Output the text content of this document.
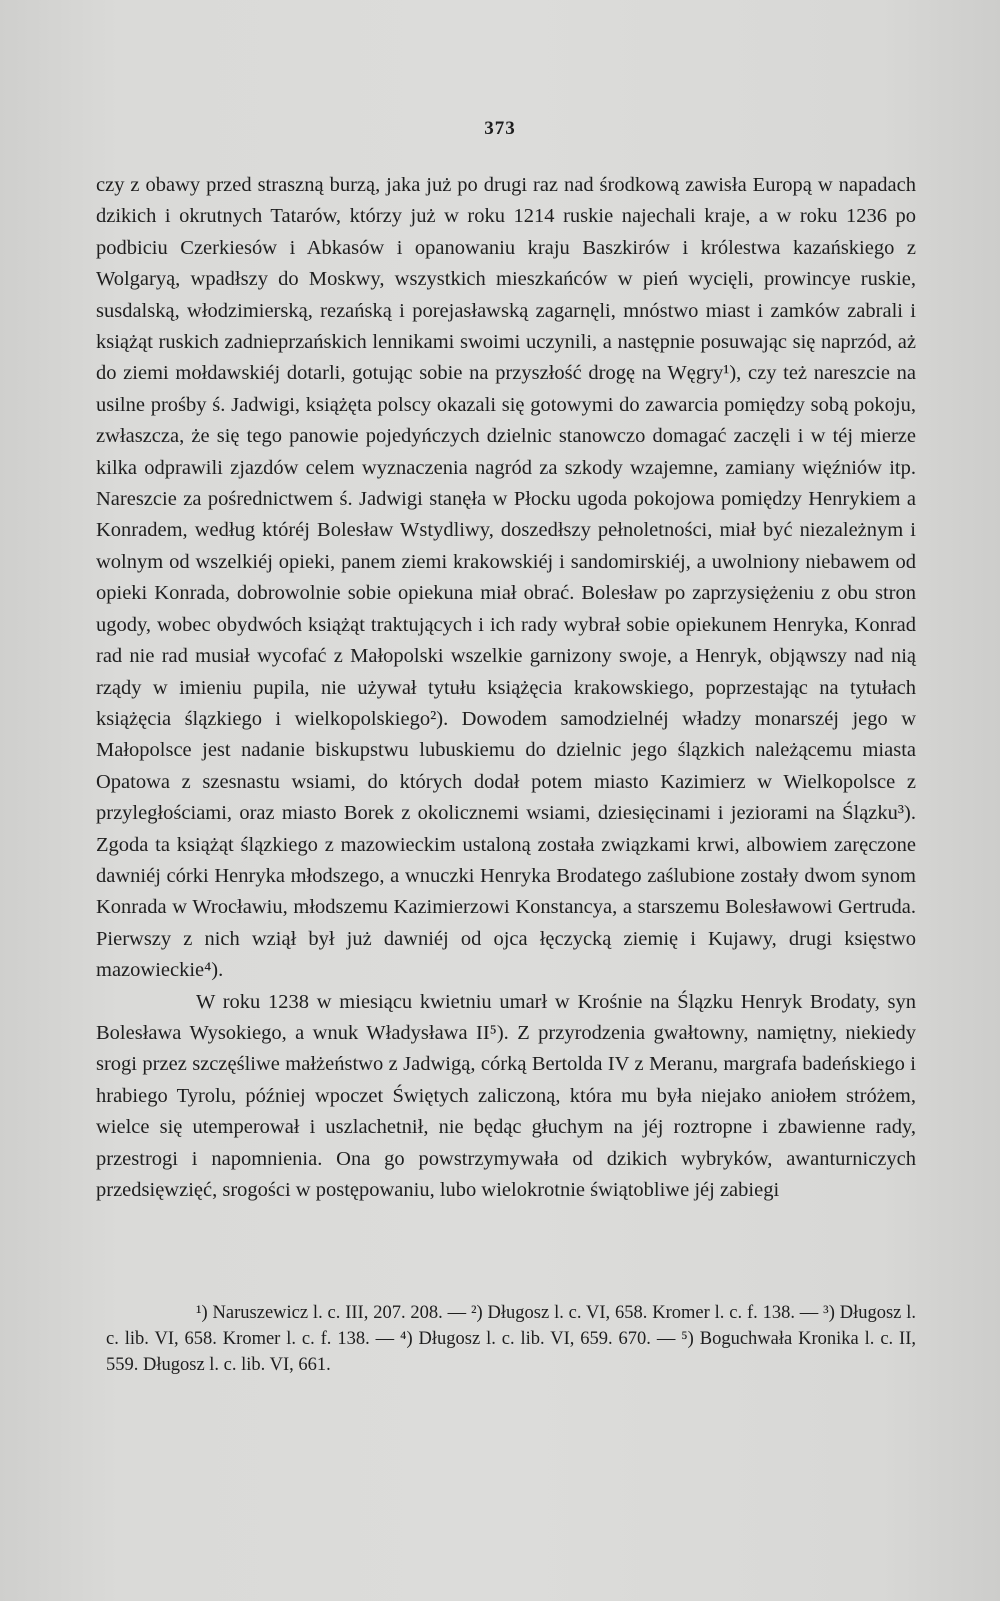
373

czy z obawy przed straszną burzą, jaka już po drugi raz nad środkową zawisła Europą w napadach dzikich i okrutnych Tatarów, którzy już w roku 1214 ruskie najechali kraje, a w roku 1236 po podbiciu Czerkiesów i Abkasów i opanowaniu kraju Baszkirów i królestwa kazańskiego z Wolgaryą, wpadłszy do Moskwy, wszystkich mieszkańców w pień wycięli, prowincye ruskie, susdalską, włodzimierską, rezańską i porejasławską zagarnęli, mnóstwo miast i zamków zabrali i książąt ruskich zadnieprzańskich lennikami swoimi uczynili, a następnie posuwając się naprzód, aż do ziemi mołdawskiéj dotarli, gotując sobie na przyszłość drogę na Węgry¹), czy też nareszcie na usilne prośby ś. Jadwigi, książęta polscy okazali się gotowymi do zawarcia pomiędzy sobą pokoju, zwłaszcza, że się tego panowie pojedyńczych dzielnic stanowczo domagać zaczęli i w téj mierze kilka odprawili zjazdów celem wyznaczenia nagród za szkody wzajemne, zamiany więźniów itp. Nareszcie za pośrednictwem ś. Jadwigi stanęła w Płocku ugoda pokojowa pomiędzy Henrykiem a Konradem, według któréj Bolesław Wstydliwy, doszedłszy pełnoletności, miał być niezależnym i wolnym od wszelkiéj opieki, panem ziemi krakowskiéj i sandomirskiéj, a uwolniony niebawem od opieki Konrada, dobrowolnie sobie opiekuna miał obrać. Bolesław po zaprzysiężeniu z obu stron ugody, wobec obydwóch książąt traktujących i ich rady wybrał sobie opiekunem Henryka, Konrad rad nie rad musiał wycofać z Małopolski wszelkie garnizony swoje, a Henryk, objąwszy nad nią rządy w imieniu pupila, nie używał tytułu książęcia krakowskiego, poprzestając na tytułach książęcia ślązkiego i wielkopolskiego²). Dowodem samodzielnéj władzy monarszéj jego w Małopolsce jest nadanie biskupstwu lubuskiemu do dzielnic jego ślązkich należącemu miasta Opatowa z szesnastu wsiami, do których dodał potem miasto Kazimierz w Wielkopolsce z przyległościami, oraz miasto Borek z okolicznemi wsiami, dziesięcinami i jeziorami na Ślązku³). Zgoda ta książąt ślązkiego z mazowieckim ustaloną została związkami krwi, albowiem zaręczone dawniéj córki Henryka młodszego, a wnuczki Henryka Brodatego zaślubione zostały dwom synom Konrada w Wrocławiu, młodszemu Kazimierzowi Konstancya, a starszemu Bolesławowi Gertruda. Pierwszy z nich wziął był już dawniéj od ojca łęczycką ziemię i Kujawy, drugi księstwo mazowieckie⁴).

W roku 1238 w miesiącu kwietniu umarł w Krośnie na Ślązku Henryk Brodaty, syn Bolesława Wysokiego, a wnuk Władysława II⁵). Z przyrodzenia gwałtowny, namiętny, niekiedy srogi przez szczęśliwe małżeństwo z Jadwigą, córką Bertolda IV z Meranu, margrafa badeńskiego i hrabiego Tyrolu, później wpoczet Świętych zaliczoną, która mu była niejako aniołem stróżem, wielce się utemperował i uszlachetnił, nie będąc głuchym na jéj roztropne i zbawienne rady, przestrogi i napomnienia. Ona go powstrzymywała od dzikich wybryków, awanturniczych przedsięwzięć, srogości w postępowaniu, lubo wielokrotnie świątobliwe jéj zabiegi

¹) Naruszewicz l. c. III, 207. 208. — ²) Długosz l. c. VI, 658. Kromer l. c. f. 138. — ³) Długosz l. c. lib. VI, 658. Kromer l. c. f. 138. — ⁴) Długosz l. c. lib. VI, 659. 670. — ⁵) Boguchwała Kronika l. c. II, 559. Długosz l. c. lib. VI, 661.
